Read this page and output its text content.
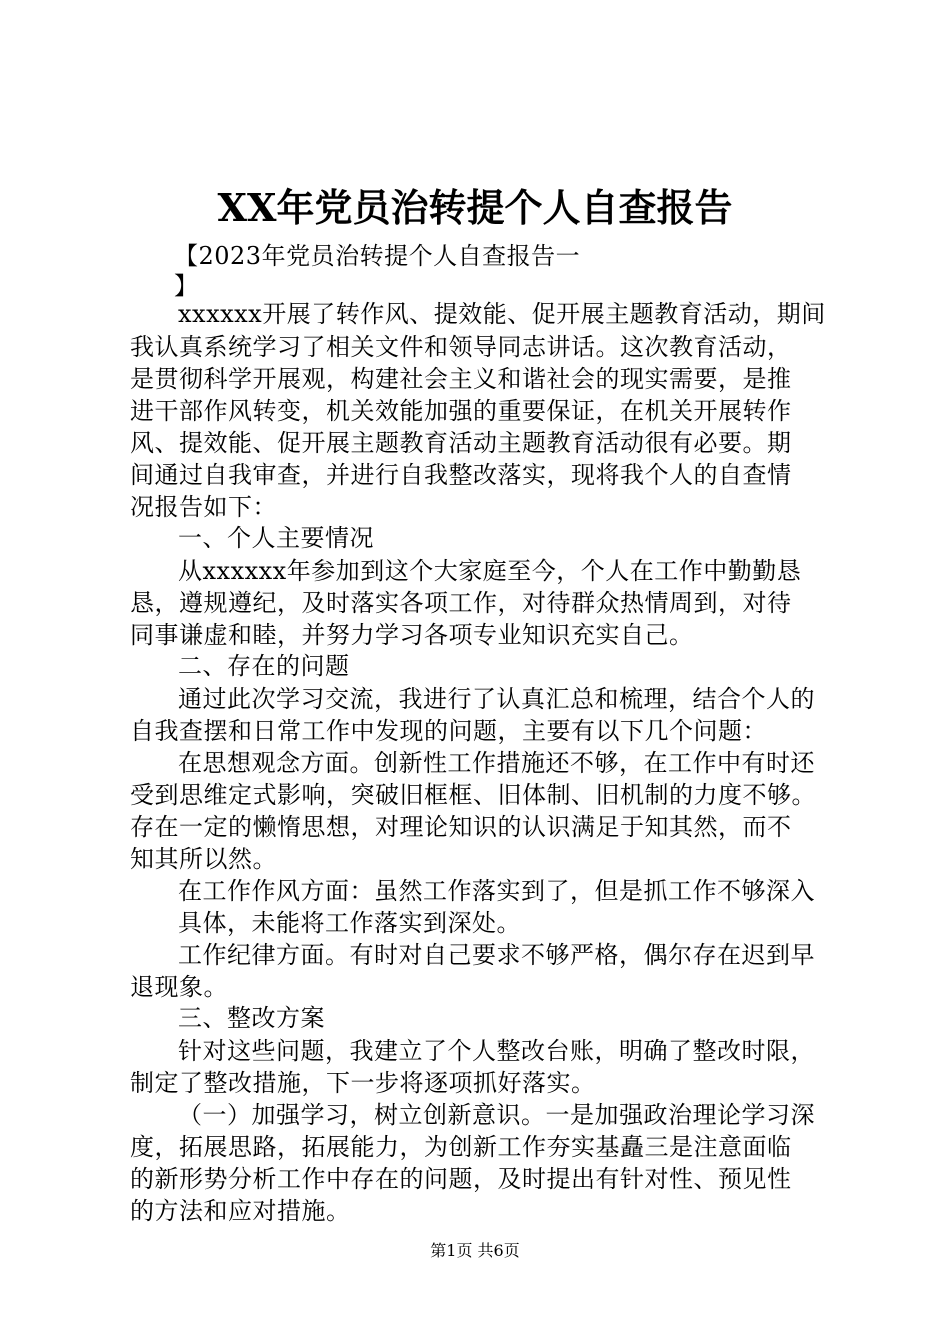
XX年党员治转提个人自查报告
【2023年党员治转提个人自查报告一
】
xxxxxx开展了转作风、提效能、促开展主题教育活动，期间
我认真系统学习了相关文件和领导同志讲话。这次教育活动，
是贯彻科学开展观，构建社会主义和谐社会的现实需要，是推
进干部作风转变，机关效能加强的重要保证，在机关开展转作
风、提效能、促开展主题教育活动主题教育活动很有必要。期
间通过自我审查，并进行自我整改落实，现将我个人的自查情
况报告如下：
一、个人主要情况
从xxxxxx年参加到这个大家庭至今，个人在工作中勤勤恳
恳，遵规遵纪，及时落实各项工作，对待群众热情周到，对待
同事谦虚和睦，并努力学习各项专业知识充实自己。
二、存在的问题
通过此次学习交流，我进行了认真汇总和梳理，结合个人的
自我查摆和日常工作中发现的问题，主要有以下几个问题：
在思想观念方面。创新性工作措施还不够，在工作中有时还
受到思维定式影响，突破旧框框、旧体制、旧机制的力度不够。
存在一定的懒惰思想，对理论知识的认识满足于知其然，而不
知其所以然。
在工作作风方面：虽然工作落实到了，但是抓工作不够深入
具体，未能将工作落实到深处。
工作纪律方面。有时对自己要求不够严格，偶尔存在迟到早
退现象。
三、整改方案
针对这些问题，我建立了个人整改台账，明确了整改时限，
制定了整改措施，下一步将逐项抓好落实。
（一）加强学习，树立创新意识。一是加强政治理论学习深
度，拓展思路，拓展能力，为创新工作夯实基矗三是注意面临
的新形势分析工作中存在的问题，及时提出有针对性、预见性
的方法和应对措施。
第1页 共6页
